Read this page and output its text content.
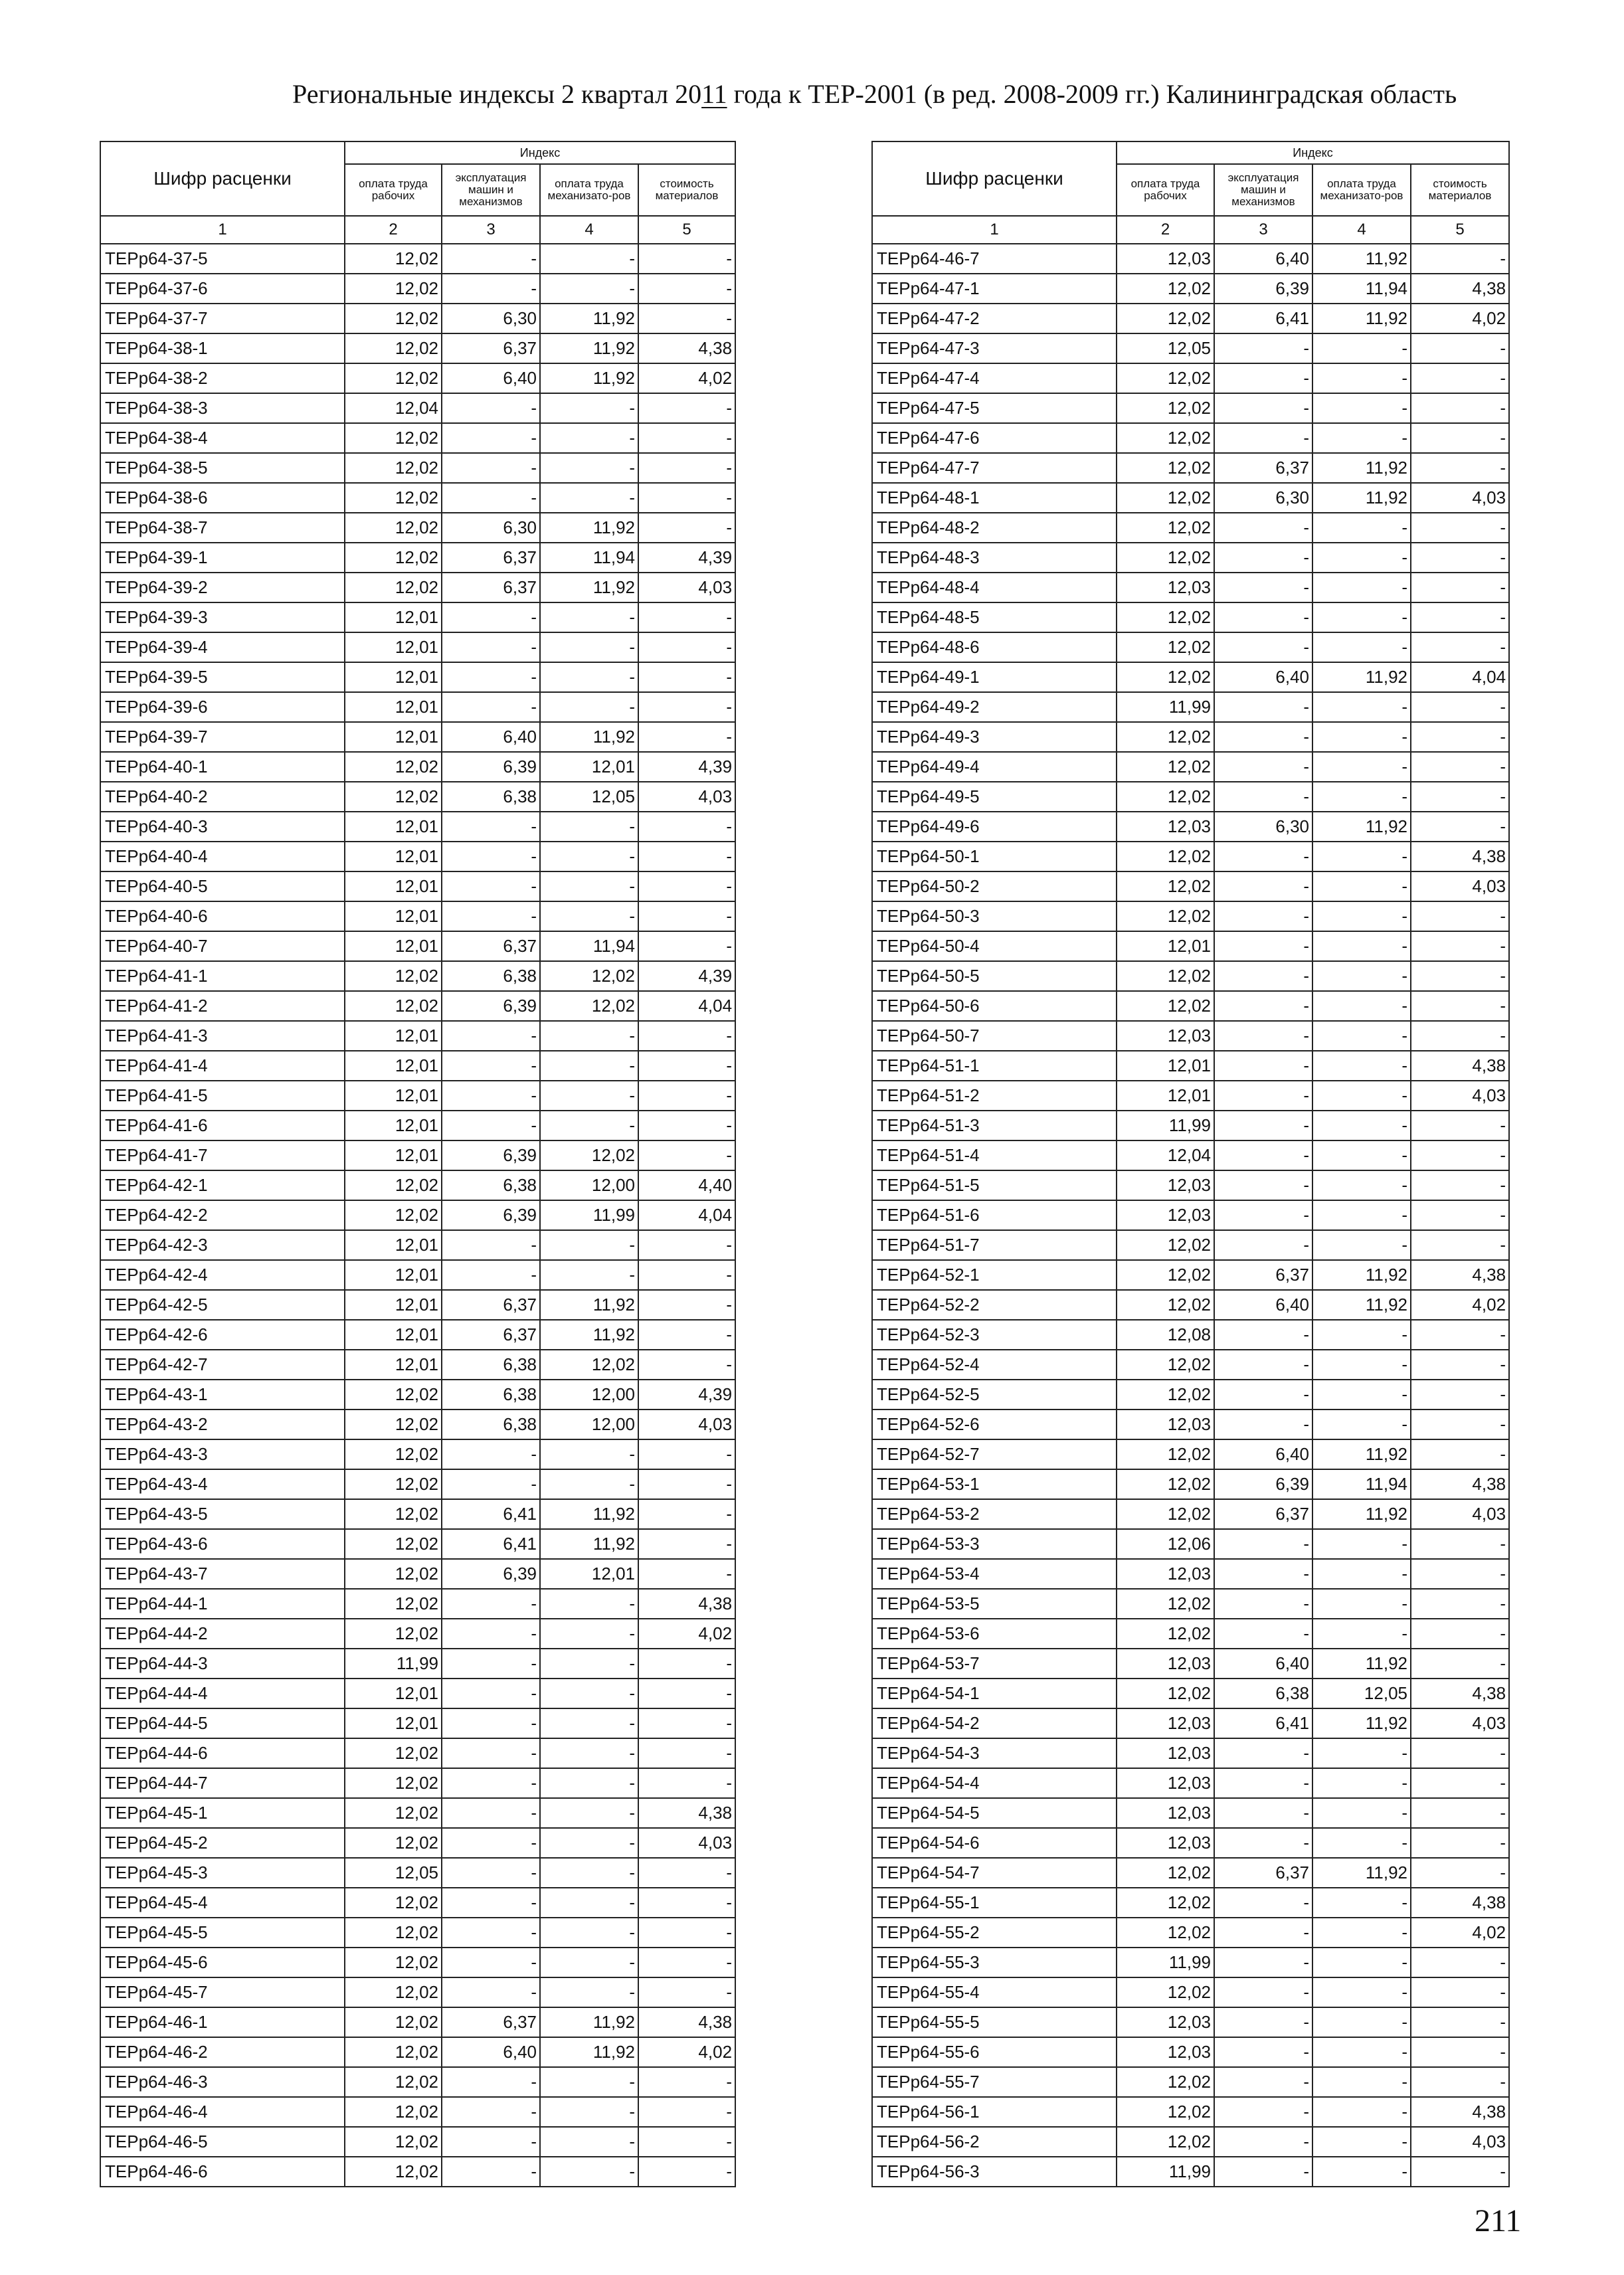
Региональные индексы 2 квартал 2011 года к ТЕР-2001 (в ред. 2008-2009 гг.) Калининградская область
Шифр расценки	Индекс			
	оплата труда рабочих	эксплуатация машин и механизмов	оплата труда механизато-ров	стоимость материалов
1	2	3	4	5
ТЕРр64-37-5	12,02	-	-	-
ТЕРр64-37-6	12,02	-	-	-
ТЕРр64-37-7	12,02	6,30	11,92	-
ТЕРр64-38-1	12,02	6,37	11,92	4,38
ТЕРр64-38-2	12,02	6,40	11,92	4,02
ТЕРр64-38-3	12,04	-	-	-
ТЕРр64-38-4	12,02	-	-	-
ТЕРр64-38-5	12,02	-	-	-
ТЕРр64-38-6	12,02	-	-	-
ТЕРр64-38-7	12,02	6,30	11,92	-
ТЕРр64-39-1	12,02	6,37	11,94	4,39
ТЕРр64-39-2	12,02	6,37	11,92	4,03
ТЕРр64-39-3	12,01	-	-	-
ТЕРр64-39-4	12,01	-	-	-
ТЕРр64-39-5	12,01	-	-	-
ТЕРр64-39-6	12,01	-	-	-
ТЕРр64-39-7	12,01	6,40	11,92	-
ТЕРр64-40-1	12,02	6,39	12,01	4,39
ТЕРр64-40-2	12,02	6,38	12,05	4,03
ТЕРр64-40-3	12,01	-	-	-
ТЕРр64-40-4	12,01	-	-	-
ТЕРр64-40-5	12,01	-	-	-
ТЕРр64-40-6	12,01	-	-	-
ТЕРр64-40-7	12,01	6,37	11,94	-
ТЕРр64-41-1	12,02	6,38	12,02	4,39
ТЕРр64-41-2	12,02	6,39	12,02	4,04
ТЕРр64-41-3	12,01	-	-	-
ТЕРр64-41-4	12,01	-	-	-
ТЕРр64-41-5	12,01	-	-	-
ТЕРр64-41-6	12,01	-	-	-
ТЕРр64-41-7	12,01	6,39	12,02	-
ТЕРр64-42-1	12,02	6,38	12,00	4,40
ТЕРр64-42-2	12,02	6,39	11,99	4,04
ТЕРр64-42-3	12,01	-	-	-
ТЕРр64-42-4	12,01	-	-	-
ТЕРр64-42-5	12,01	6,37	11,92	-
ТЕРр64-42-6	12,01	6,37	11,92	-
ТЕРр64-42-7	12,01	6,38	12,02	-
ТЕРр64-43-1	12,02	6,38	12,00	4,39
ТЕРр64-43-2	12,02	6,38	12,00	4,03
ТЕРр64-43-3	12,02	-	-	-
ТЕРр64-43-4	12,02	-	-	-
ТЕРр64-43-5	12,02	6,41	11,92	-
ТЕРр64-43-6	12,02	6,41	11,92	-
ТЕРр64-43-7	12,02	6,39	12,01	-
ТЕРр64-44-1	12,02	-	-	4,38
ТЕРр64-44-2	12,02	-	-	4,02
ТЕРр64-44-3	11,99	-	-	-
ТЕРр64-44-4	12,01	-	-	-
ТЕРр64-44-5	12,01	-	-	-
ТЕРр64-44-6	12,02	-	-	-
ТЕРр64-44-7	12,02	-	-	-
ТЕРр64-45-1	12,02	-	-	4,38
ТЕРр64-45-2	12,02	-	-	4,03
ТЕРр64-45-3	12,05	-	-	-
ТЕРр64-45-4	12,02	-	-	-
ТЕРр64-45-5	12,02	-	-	-
ТЕРр64-45-6	12,02	-	-	-
ТЕРр64-45-7	12,02	-	-	-
ТЕРр64-46-1	12,02	6,37	11,92	4,38
ТЕРр64-46-2	12,02	6,40	11,92	4,02
ТЕРр64-46-3	12,02	-	-	-
ТЕРр64-46-4	12,02	-	-	-
ТЕРр64-46-5	12,02	-	-	-
ТЕРр64-46-6	12,02	-	-	-
Шифр расценки	Индекс			
	оплата труда рабочих	эксплуатация машин и механизмов	оплата труда механизато-ров	стоимость материалов
1	2	3	4	5
ТЕРр64-46-7	12,03	6,40	11,92	-
ТЕРр64-47-1	12,02	6,39	11,94	4,38
ТЕРр64-47-2	12,02	6,41	11,92	4,02
ТЕРр64-47-3	12,05	-	-	-
ТЕРр64-47-4	12,02	-	-	-
ТЕРр64-47-5	12,02	-	-	-
ТЕРр64-47-6	12,02	-	-	-
ТЕРр64-47-7	12,02	6,37	11,92	-
ТЕРр64-48-1	12,02	6,30	11,92	4,03
ТЕРр64-48-2	12,02	-	-	-
ТЕРр64-48-3	12,02	-	-	-
ТЕРр64-48-4	12,03	-	-	-
ТЕРр64-48-5	12,02	-	-	-
ТЕРр64-48-6	12,02	-	-	-
ТЕРр64-49-1	12,02	6,40	11,92	4,04
ТЕРр64-49-2	11,99	-	-	-
ТЕРр64-49-3	12,02	-	-	-
ТЕРр64-49-4	12,02	-	-	-
ТЕРр64-49-5	12,02	-	-	-
ТЕРр64-49-6	12,03	6,30	11,92	-
ТЕРр64-50-1	12,02	-	-	4,38
ТЕРр64-50-2	12,02	-	-	4,03
ТЕРр64-50-3	12,02	-	-	-
ТЕРр64-50-4	12,01	-	-	-
ТЕРр64-50-5	12,02	-	-	-
ТЕРр64-50-6	12,02	-	-	-
ТЕРр64-50-7	12,03	-	-	-
ТЕРр64-51-1	12,01	-	-	4,38
ТЕРр64-51-2	12,01	-	-	4,03
ТЕРр64-51-3	11,99	-	-	-
ТЕРр64-51-4	12,04	-	-	-
ТЕРр64-51-5	12,03	-	-	-
ТЕРр64-51-6	12,03	-	-	-
ТЕРр64-51-7	12,02	-	-	-
ТЕРр64-52-1	12,02	6,37	11,92	4,38
ТЕРр64-52-2	12,02	6,40	11,92	4,02
ТЕРр64-52-3	12,08	-	-	-
ТЕРр64-52-4	12,02	-	-	-
ТЕРр64-52-5	12,02	-	-	-
ТЕРр64-52-6	12,03	-	-	-
ТЕРр64-52-7	12,02	6,40	11,92	-
ТЕРр64-53-1	12,02	6,39	11,94	4,38
ТЕРр64-53-2	12,02	6,37	11,92	4,03
ТЕРр64-53-3	12,06	-	-	-
ТЕРр64-53-4	12,03	-	-	-
ТЕРр64-53-5	12,02	-	-	-
ТЕРр64-53-6	12,02	-	-	-
ТЕРр64-53-7	12,03	6,40	11,92	-
ТЕРр64-54-1	12,02	6,38	12,05	4,38
ТЕРр64-54-2	12,03	6,41	11,92	4,03
ТЕРр64-54-3	12,03	-	-	-
ТЕРр64-54-4	12,03	-	-	-
ТЕРр64-54-5	12,03	-	-	-
ТЕРр64-54-6	12,03	-	-	-
ТЕРр64-54-7	12,02	6,37	11,92	-
ТЕРр64-55-1	12,02	-	-	4,38
ТЕРр64-55-2	12,02	-	-	4,02
ТЕРр64-55-3	11,99	-	-	-
ТЕРр64-55-4	12,02	-	-	-
ТЕРр64-55-5	12,03	-	-	-
ТЕРр64-55-6	12,03	-	-	-
ТЕРр64-55-7	12,02	-	-	-
ТЕРр64-56-1	12,02	-	-	4,38
ТЕРр64-56-2	12,02	-	-	4,03
ТЕРр64-56-3	11,99	-	-	-
211
